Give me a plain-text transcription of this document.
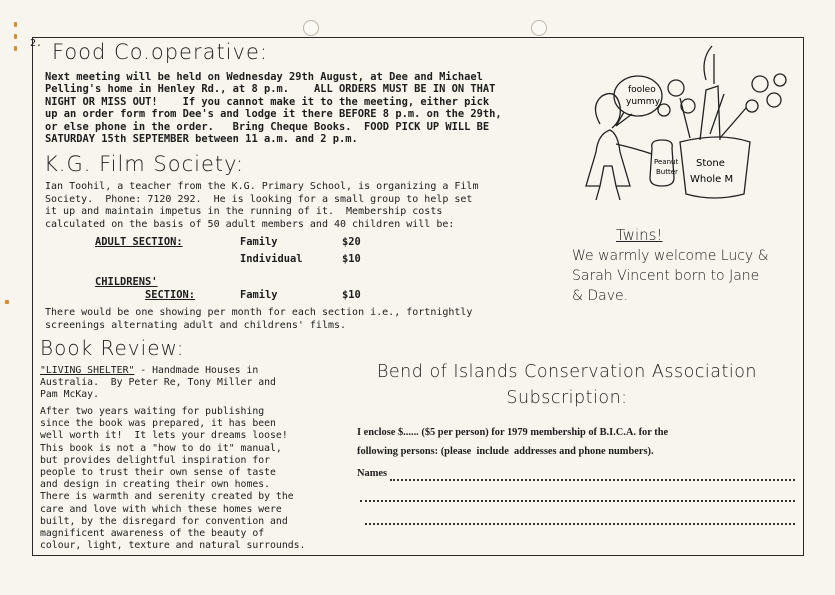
2. Food Co.operative:
Next meeting will be held on Wednesday 29th August, at Dee and Michael
Pelling's home in Henley Rd., at 8 p.m.    ALL ORDERS MUST BE IN ON THAT
NIGHT OR MISS OUT!    If you cannot make it to the meeting, either pick
up an order form from Dee's and lodge it there BEFORE 8 p.m. on the 29th,
or else phone in the order.   Bring Cheque Books.  FOOD PICK UP WILL BE
SATURDAY 15th SEPTEMBER between 11 a.m. and 2 p.m.
K.G. Film Society:
Ian Toohil, a teacher from the K.G. Primary School, is organizing a Film
Society.  Phone: 7120 292.  He is looking for a small group to help set
it up and maintain impetus in the running of it.  Membership costs
calculated on the basis of 50 adult members and 40 children will be:
ADULT SECTION:	Family	$20
Individual	$10
CHILDRENS'
SECTION:	Family	$10
There would be one showing per month for each section i.e., fortnightly
screenings alternating adult and childrens' films.
fooleo
yummy
Peanut
Butter
Stone
Whole M
Twins!
We warmly welcome Lucy &
Sarah Vincent born to Jane
& Dave.
Book Review:
"LIVING SHELTER" - Handmade Houses in
Australia.  By Peter Re, Tony Miller and
Pam McKay.
After two years waiting for publishing
since the book was prepared, it has been
well worth it!  It lets your dreams loose!
This book is not a "how to do it" manual,
but provides delightful inspiration for
people to trust their own sense of taste
and design in creating their own homes.
There is warmth and serenity created by the
care and love with which these homes were
built, by the disregard for convention and
magnificent awareness of the beauty of
colour, light, texture and natural surrounds.
Bend of Islands Conservation Association
Subscription:
I enclose $...... ($5 per person) for 1979 membership of B.I.C.A. for the
following persons: (please  include  addresses and phone numbers).
Names
